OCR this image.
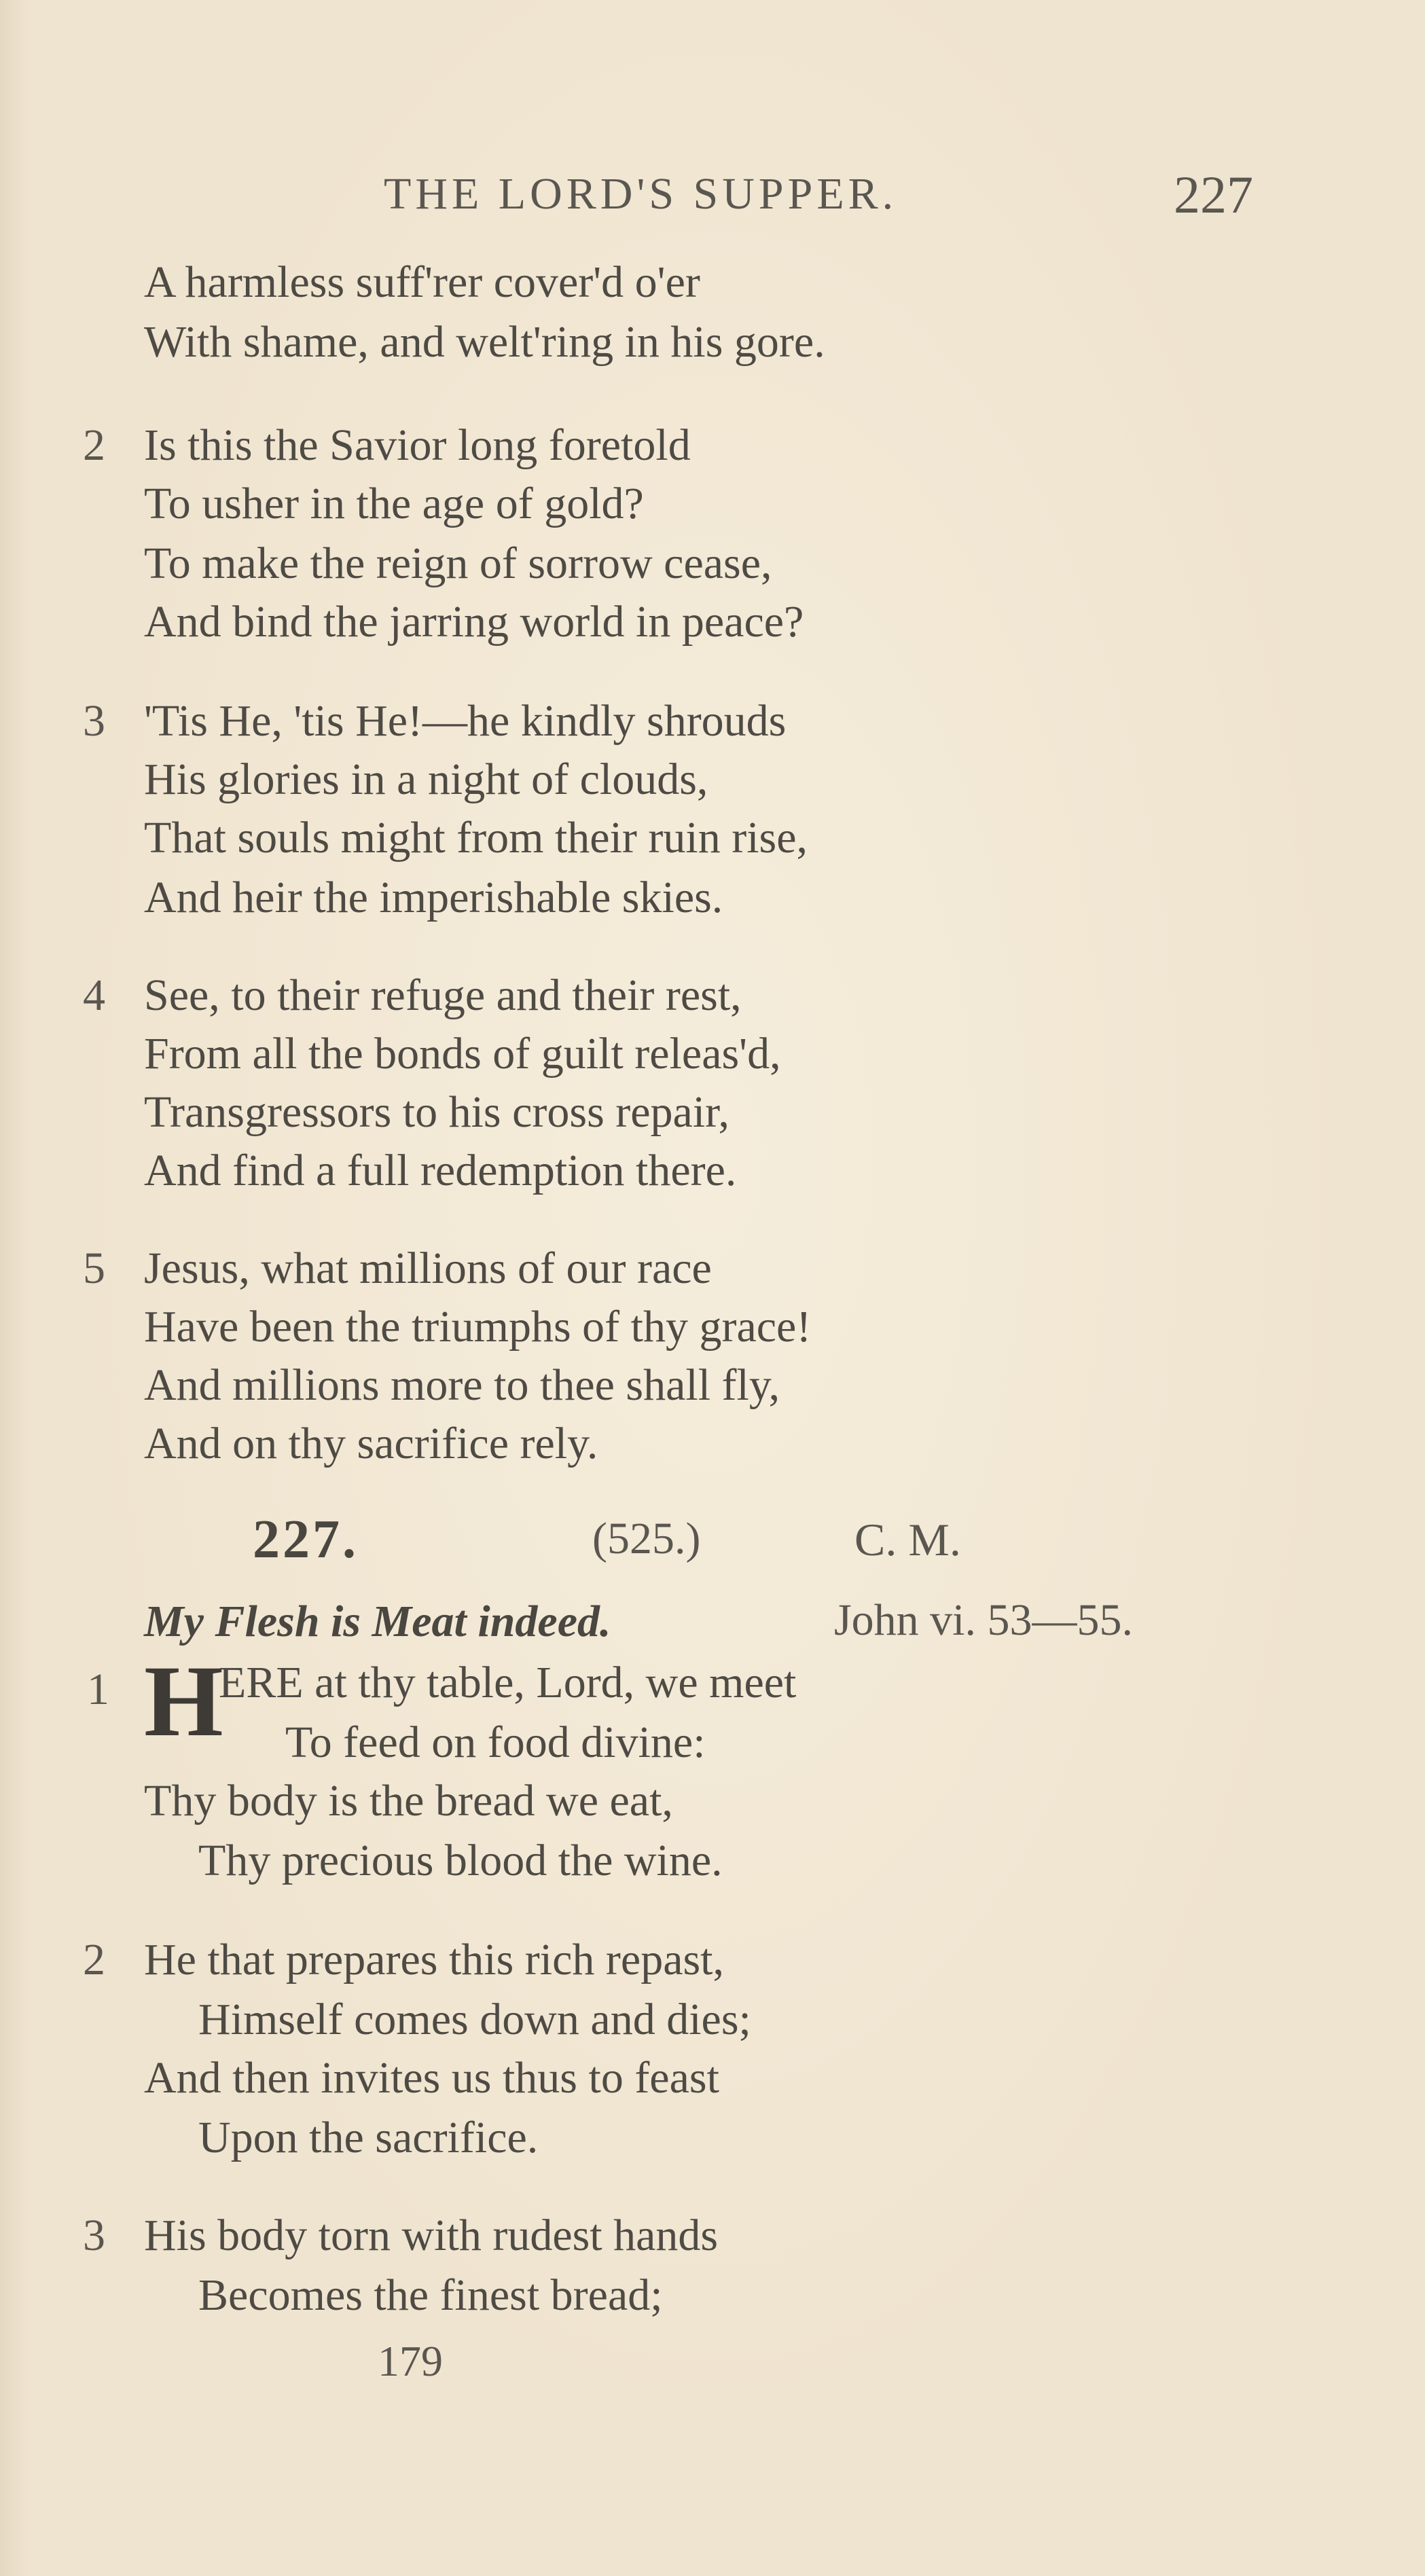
THE LORD'S SUPPER.	227
A harmless suff'rer cover'd o'er
With shame, and welt'ring in his gore.
2 Is this the Savior long foretold
To usher in the age of gold?
To make the reign of sorrow cease,
And bind the jarring world in peace?
3 'Tis He, 'tis He!—he kindly shrouds
His glories in a night of clouds,
That souls might from their ruin rise,
And heir the imperishable skies.
4 See, to their refuge and their rest,
From all the bonds of guilt releas'd,
Transgressors to his cross repair,
And find a full redemption there.
5 Jesus, what millions of our race
Have been the triumphs of thy grace!
And millions more to thee shall fly,
And on thy sacrifice rely.
227.	(525.)	C. M.
My Flesh is Meat indeed.	John vi. 53—55.
1 H
ERE at thy table, Lord, we meet
To feed on food divine:
Thy body is the bread we eat,
Thy precious blood the wine.
2 He that prepares this rich repast,
Himself comes down and dies;
And then invites us thus to feast
Upon the sacrifice.
3 His body torn with rudest hands
Becomes the finest bread;
179
